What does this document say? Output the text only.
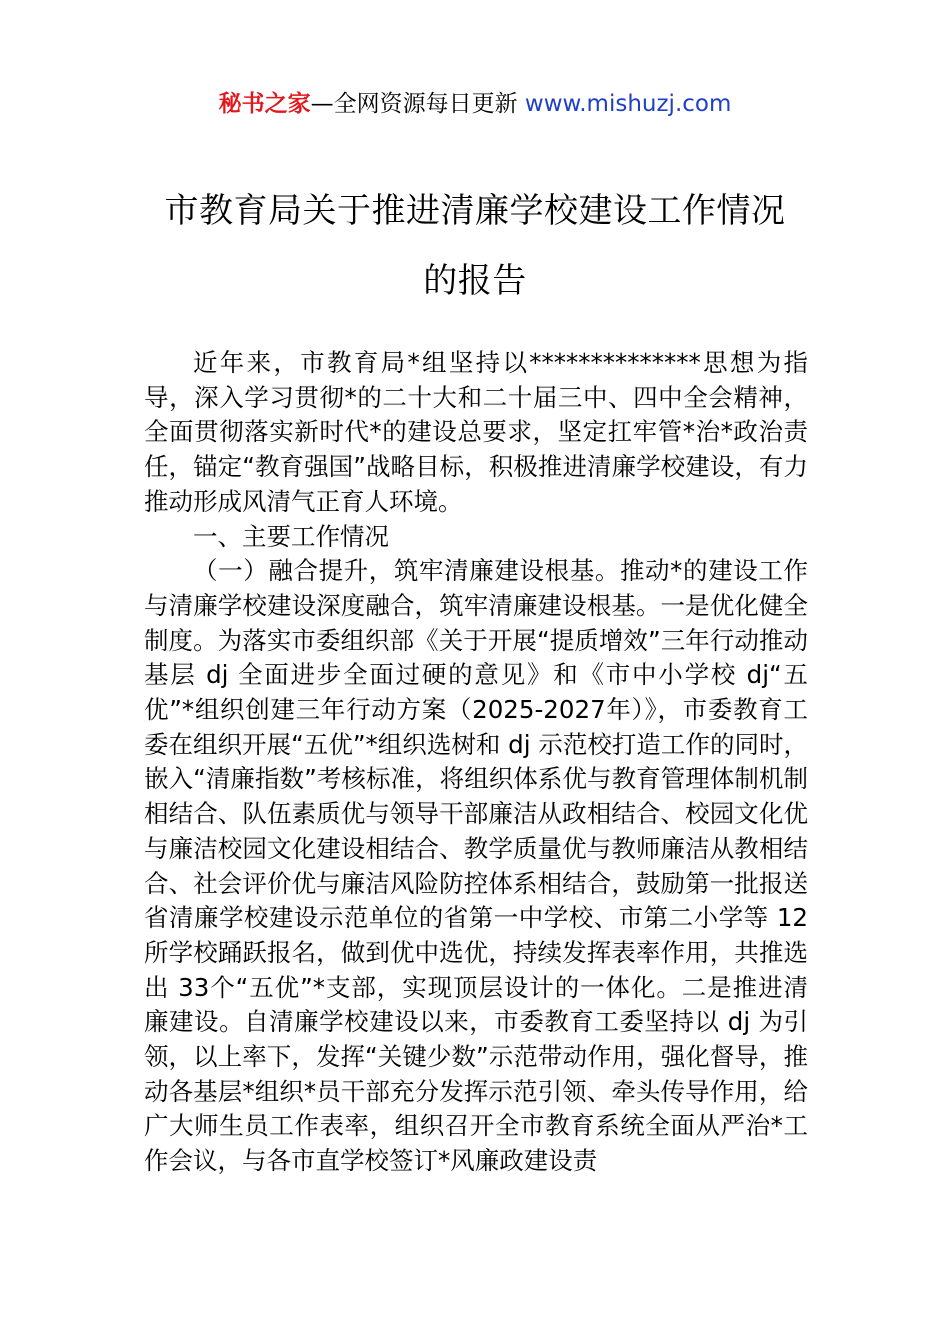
秘书之家—全网资源每日更新 www.mishuzj.com
市教育局关于推进清廉学校建设工作情况
的报告

近年来，市教育局*组坚持以**************思想为指导，深入学习贯彻*的二十大和二十届三中、四中全会精神，全面贯彻落实新时代*的建设总要求，坚定扛牢管*治*政治责任，锚定“教育强国”战略目标，积极推进清廉学校建设，有力推动形成风清气正育人环境。

一、主要工作情况

（一）融合提升，筑牢清廉建设根基。推动*的建设工作与清廉学校建设深度融合，筑牢清廉建设根基。一是优化健全制度。为落实市委组织部《关于开展“提质增效”三年行动推动基层 dj 全面进步全面过硬的意见》和《市中小学校 dj“五优”*组织创建三年行动方案（2025-2027年）》，市委教育工委在组织开展“五优”*组织选树和 dj 示范校打造工作的同时，嵌入“清廉指数”考核标准，将组织体系优与教育管理体制机制相结合、队伍素质优与领导干部廉洁从政相结合、校园文化优与廉洁校园文化建设相结合、教学质量优与教师廉洁从教相结合、社会评价优与廉洁风险防控体系相结合，鼓励第一批报送省清廉学校建设示范单位的省第一中学校、市第二小学等 12 所学校踊跃报名，做到优中选优，持续发挥表率作用，共推选出 33个“五优”*支部，实现顶层设计的一体化。二是推进清廉建设。自清廉学校建设以来，市委教育工委坚持以 dj 为引领，以上率下，发挥“关键少数”示范带动作用，强化督导，推动各基层*组织*员干部充分发挥示范引领、牵头传导作用，给广大师生员工作表率，组织召开全市教育系统全面从严治*工作会议，与各市直学校签订*风廉政建设责
